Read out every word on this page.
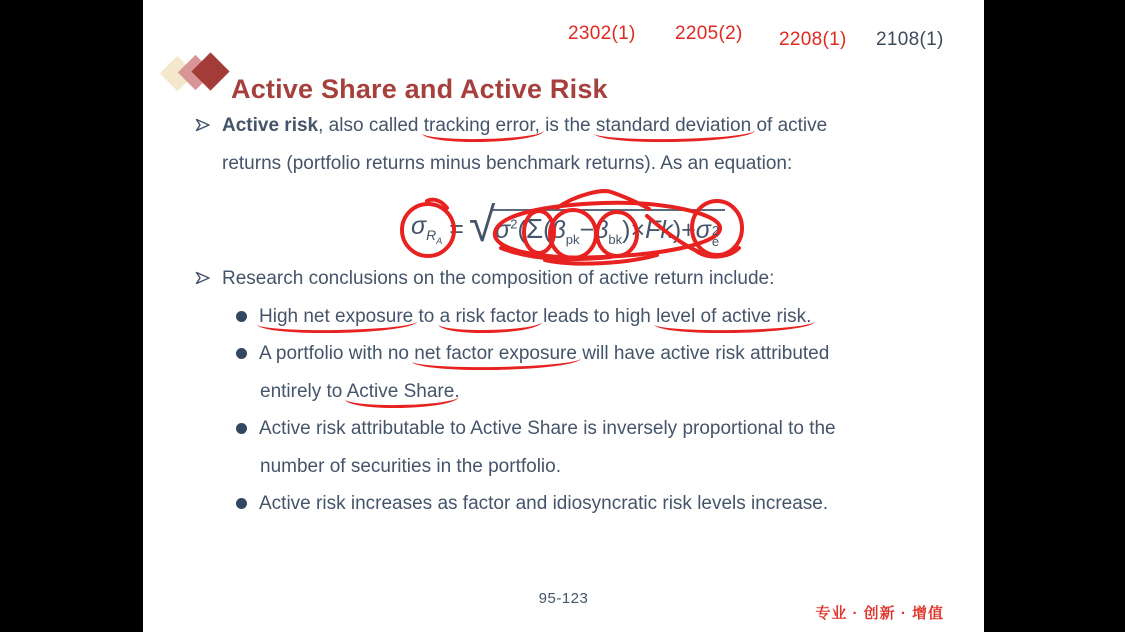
2302(1) 2205(2) 2208(1) 2108(1)
Active Share and Active Risk
Active risk, also called tracking error, is the standard deviation of active
returns (portfolio returns minus benchmark returns). As an equation:
$\sigma_{R_A}$ = √ $\sigma^2(\Sigma(\beta_{pk}-\beta_{bk})\times Fk)+\sigma$ 2
e
Research conclusions on the composition of active return include:
High net exposure to a risk factor leads to high level of active risk.
A portfolio with no net factor exposure will have active risk attributed
entirely to Active Share.
Active risk attributable to Active Share is inversely proportional to the
number of securities in the portfolio.
Active risk increases as factor and idiosyncratic risk levels increase.
95-123
专业 · 创新 · 增值
